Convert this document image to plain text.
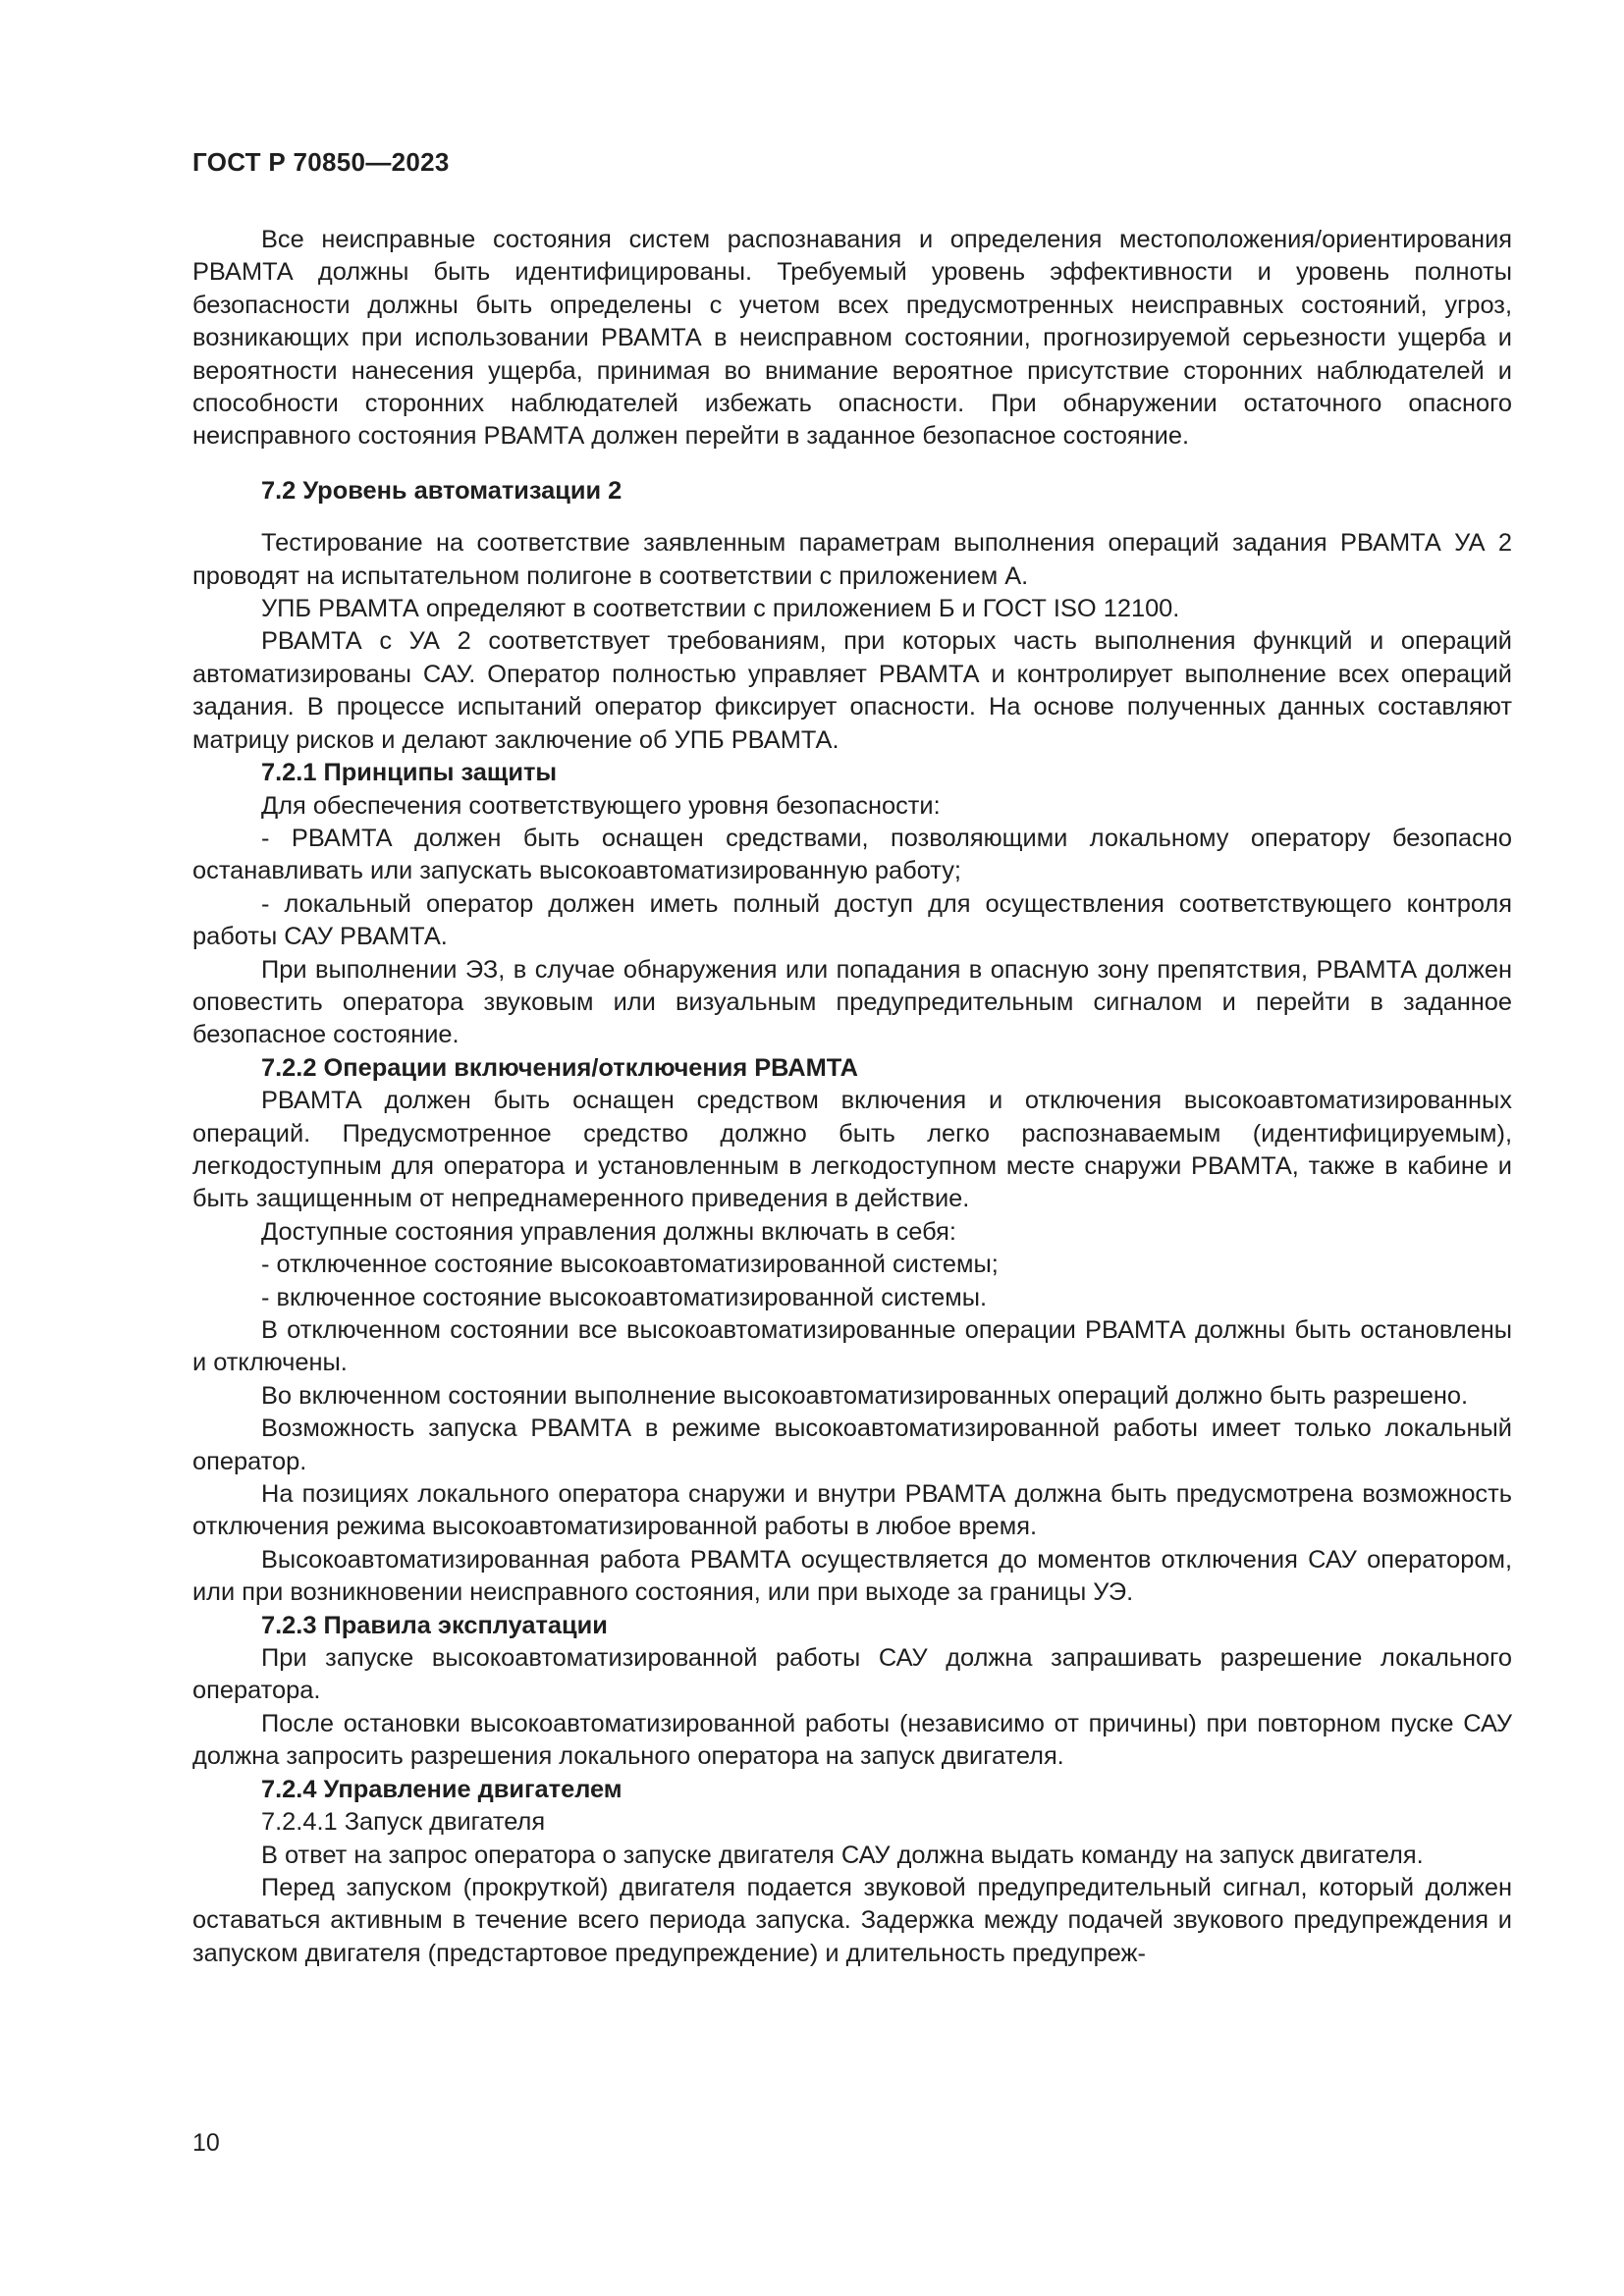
ГОСТ Р 70850—2023

Все неисправные состояния систем распознавания и определения местоположения/ориентирования РВАМТА должны быть идентифицированы. Требуемый уровень эффективности и уровень полноты безопасности должны быть определены с учетом всех предусмотренных неисправных состояний, угроз, возникающих при использовании РВАМТА в неисправном состоянии, прогнозируемой серьезности ущерба и вероятности нанесения ущерба, принимая во внимание вероятное присутствие сторонних наблюдателей и способности сторонних наблюдателей избежать опасности. При обнаружении остаточного опасного неисправного состояния РВАМТА должен перейти в заданное безопасное состояние.

7.2 Уровень автоматизации 2

Тестирование на соответствие заявленным параметрам выполнения операций задания РВАМТА УА 2 проводят на испытательном полигоне в соответствии с приложением А.

УПБ РВАМТА определяют в соответствии с приложением Б и ГОСТ ISO 12100.

РВАМТА с УА 2 соответствует требованиям, при которых часть выполнения функций и операций автоматизированы САУ. Оператор полностью управляет РВАМТА и контролирует выполнение всех операций задания. В процессе испытаний оператор фиксирует опасности. На основе полученных данных составляют матрицу рисков и делают заключение об УПБ РВАМТА.

7.2.1 Принципы защиты

Для обеспечения соответствующего уровня безопасности:

- РВАМТА должен быть оснащен средствами, позволяющими локальному оператору безопасно останавливать или запускать высокоавтоматизированную работу;

- локальный оператор должен иметь полный доступ для осуществления соответствующего контроля работы САУ РВАМТА.

При выполнении ЭЗ, в случае обнаружения или попадания в опасную зону препятствия, РВАМТА должен оповестить оператора звуковым или визуальным предупредительным сигналом и перейти в заданное безопасное состояние.

7.2.2 Операции включения/отключения РВАМТА

РВАМТА должен быть оснащен средством включения и отключения высокоавтоматизированных операций. Предусмотренное средство должно быть легко распознаваемым (идентифицируемым), легкодоступным для оператора и установленным в легкодоступном месте снаружи РВАМТА, также в кабине и быть защищенным от непреднамеренного приведения в действие.

Доступные состояния управления должны включать в себя:

- отключенное состояние высокоавтоматизированной системы;

- включенное состояние высокоавтоматизированной системы.

В отключенном состоянии все высокоавтоматизированные операции РВАМТА должны быть остановлены и отключены.

Во включенном состоянии выполнение высокоавтоматизированных операций должно быть разрешено.

Возможность запуска РВАМТА в режиме высокоавтоматизированной работы имеет только локальный оператор.

На позициях локального оператора снаружи и внутри РВАМТА должна быть предусмотрена возможность отключения режима высокоавтоматизированной работы в любое время.

Высокоавтоматизированная работа РВАМТА осуществляется до моментов отключения САУ оператором, или при возникновении неисправного состояния, или при выходе за границы УЭ.

7.2.3 Правила эксплуатации

При запуске высокоавтоматизированной работы САУ должна запрашивать разрешение локального оператора.

После остановки высокоавтоматизированной работы (независимо от причины) при повторном пуске САУ должна запросить разрешения локального оператора на запуск двигателя.

7.2.4 Управление двигателем

7.2.4.1 Запуск двигателя

В ответ на запрос оператора о запуске двигателя САУ должна выдать команду на запуск двигателя.

Перед запуском (прокруткой) двигателя подается звуковой предупредительный сигнал, который должен оставаться активным в течение всего периода запуска. Задержка между подачей звукового предупреждения и запуском двигателя (предстартовое предупреждение) и длительность предупреж-

10
